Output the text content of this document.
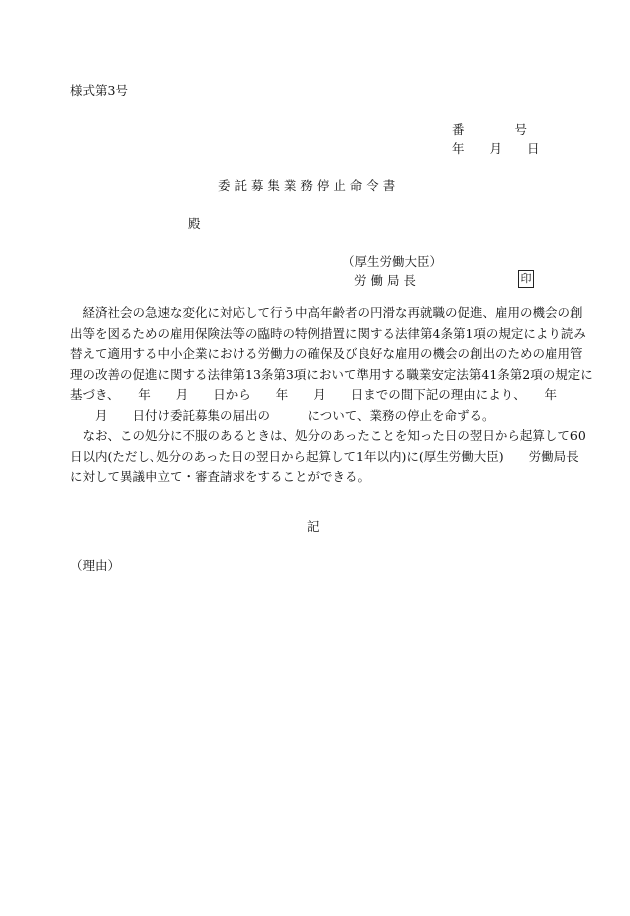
様式第3号
番　　　　号
年　　月　　日
委 託 募 集 業 務 停 止 命 令 書
殿
（厚生労働大臣）
労 働 局 長	印

　経済社会の急速な変化に対応して行う中高年齢者の円滑な再就職の促進、雇用の機会の創

出等を図るための雇用保険法等の臨時の特例措置に関する法律第4条第1項の規定により読み

替えて適用する中小企業における労働力の確保及び良好な雇用の機会の創出のための雇用管

理の改善の促進に関する法律第13条第3項において準用する職業安定法第41条第2項の規定に

基づき、　　年　　月　　日から　　年　　月　　日までの間下記の理由により、　　年

　　月　　日付け委託募集の届出の　　　について、業務の停止を命ずる。

　なお、この処分に不服のあるときは、処分のあったことを知った日の翌日から起算して60

日以内(ただし､処分のあった日の翌日から起算して1年以内)に(厚生労働大臣)　　労働局長

に対して異議申立て・審査請求をすることができる。

記
（理由）
